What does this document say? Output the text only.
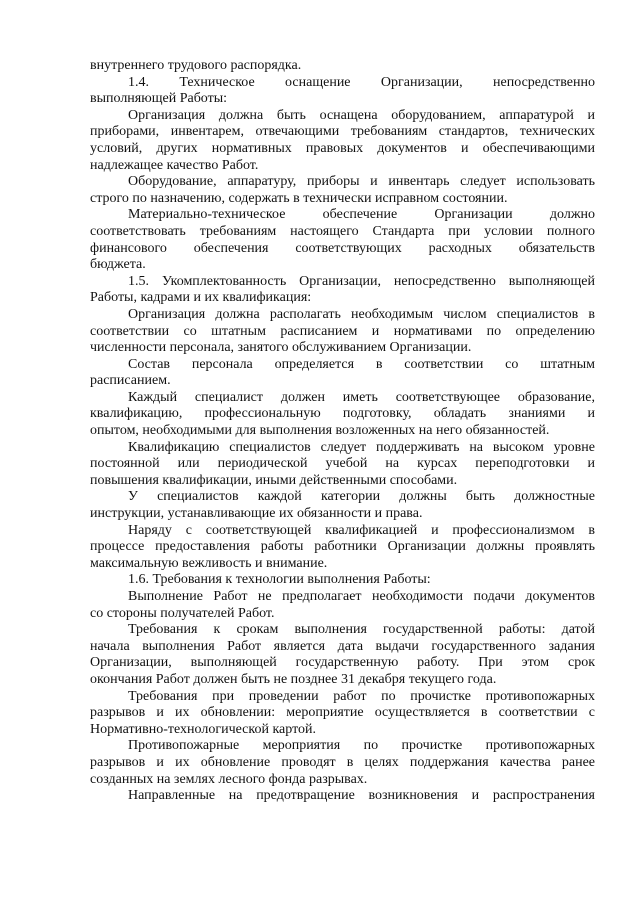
внутреннего трудового распорядка.
1.4. Техническое оснащение Организации, непосредственно
выполняющей Работы:
Организация должна быть оснащена оборудованием, аппаратурой и
приборами, инвентарем, отвечающими требованиям стандартов, технических
условий, других нормативных правовых документов и обеспечивающими
надлежащее качество Работ.
Оборудование, аппаратуру, приборы и инвентарь следует использовать
строго по назначению, содержать в технически исправном состоянии.
Материально-техническое обеспечение Организации должно
соответствовать требованиям настоящего Стандарта при условии полного
финансового обеспечения соответствующих расходных обязательств
бюджета.
1.5. Укомплектованность Организации, непосредственно выполняющей
Работы, кадрами и их квалификация:
Организация должна располагать необходимым числом специалистов в
соответствии со штатным расписанием и нормативами по определению
численности персонала, занятого обслуживанием Организации.
Состав персонала определяется в соответствии со штатным
расписанием.
Каждый специалист должен иметь соответствующее образование,
квалификацию, профессиональную подготовку, обладать знаниями и
опытом, необходимыми для выполнения возложенных на него обязанностей.
Квалификацию специалистов следует поддерживать на высоком уровне
постоянной или периодической учебой на курсах переподготовки и
повышения квалификации, иными действенными способами.
У специалистов каждой категории должны быть должностные
инструкции, устанавливающие их обязанности и права.
Наряду с соответствующей квалификацией и профессионализмом в
процессе предоставления работы работники Организации должны проявлять
максимальную вежливость и внимание.
1.6. Требования к технологии выполнения Работы:
Выполнение Работ не предполагает необходимости подачи документов
со стороны получателей Работ.
Требования к срокам выполнения государственной работы: датой
начала выполнения Работ является дата выдачи государственного задания
Организации, выполняющей государственную работу. При этом срок
окончания Работ должен быть не позднее 31 декабря текущего года.
Требования при проведении работ по прочистке противопожарных
разрывов и их обновлении: мероприятие осуществляется в соответствии с
Нормативно-технологической картой.
Противопожарные мероприятия по прочистке противопожарных
разрывов и их обновление проводят в целях поддержания качества ранее
созданных на землях лесного фонда разрывах.
Направленные на предотвращение возникновения и распространения
